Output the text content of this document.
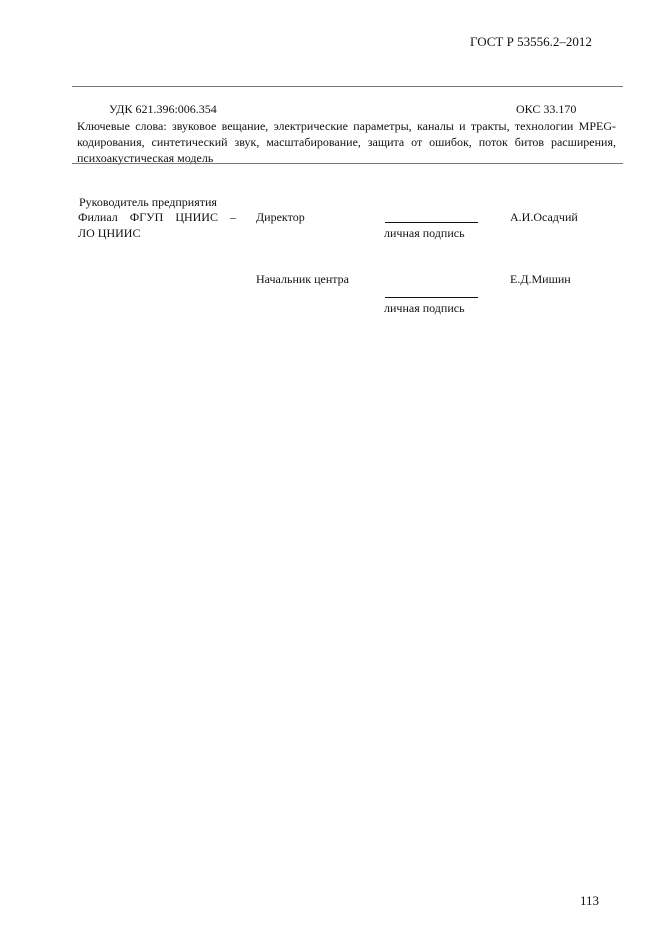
ГОСТ Р 53556.2–2012
УДК 621.396:006.354	ОКС 33.170
Ключевые слова: звуковое вещание, электрические параметры, каналы и тракты, технологии MPEG-кодирования, синтетический звук, масштабирование, защита от ошибок, поток битов расширения, психоакустическая модель
Руководитель предприятия
Филиал ФГУП ЦНИИС –
ЛО ЦНИИС
Директор
личная подпись
А.И.Осадчий
Начальник центра
личная подпись
Е.Д.Мишин
113
